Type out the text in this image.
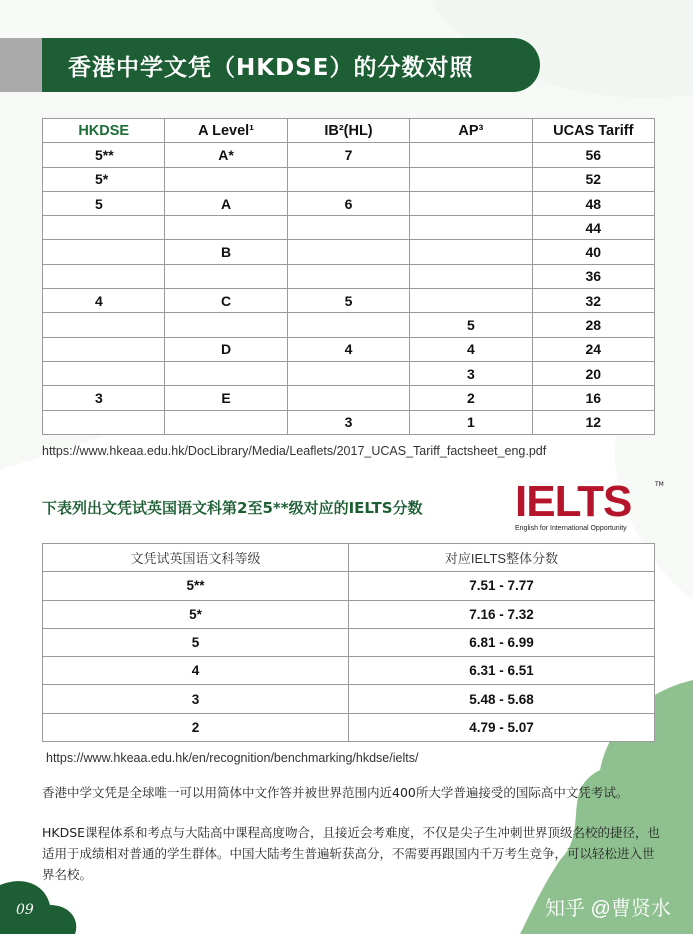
香港中学文凭（HKDSE）的分数对照
HKDSE	A Level¹	IB²(HL)	AP³	UCAS Tariff
5**	A*	7		56
5*				52
5	A	6		48
				44
	B			40
				36
4	C	5		32
			5	28
	D	4	4	24
			3	20
3	E		2	16
		3	1	12
https://www.hkeaa.edu.hk/DocLibrary/Media/Leaflets/2017_UCAS_Tariff_factsheet_eng.pdf
下表列出文凭试英国语文科第2至5**级对应的IELTS分数	IELTS	TM
English for International Opportunity
文凭试英国语文科等级	对应IELTS整体分数
5**	7.51 - 7.77
5*	7.16 - 7.32
5	6.81 - 6.99
4	6.31 - 6.51
3	5.48 - 5.68
2	4.79 - 5.07
https://www.hkeaa.edu.hk/en/recognition/benchmarking/hkdse/ielts/
香港中学文凭是全球唯一可以用简体中文作答并被世界范围内近400所大学普遍接受的国际高中文凭考试。
HKDSE课程体系和考点与大陆高中课程高度吻合，且接近会考难度，不仅是尖子生冲刺世界顶级名校的捷径，也适用于成绩相对普通的学生群体。中国大陆考生普遍斩获高分，不需要再跟国内千万考生竞争，可以轻松进入世界名校。
09	知乎 @曹贤水
